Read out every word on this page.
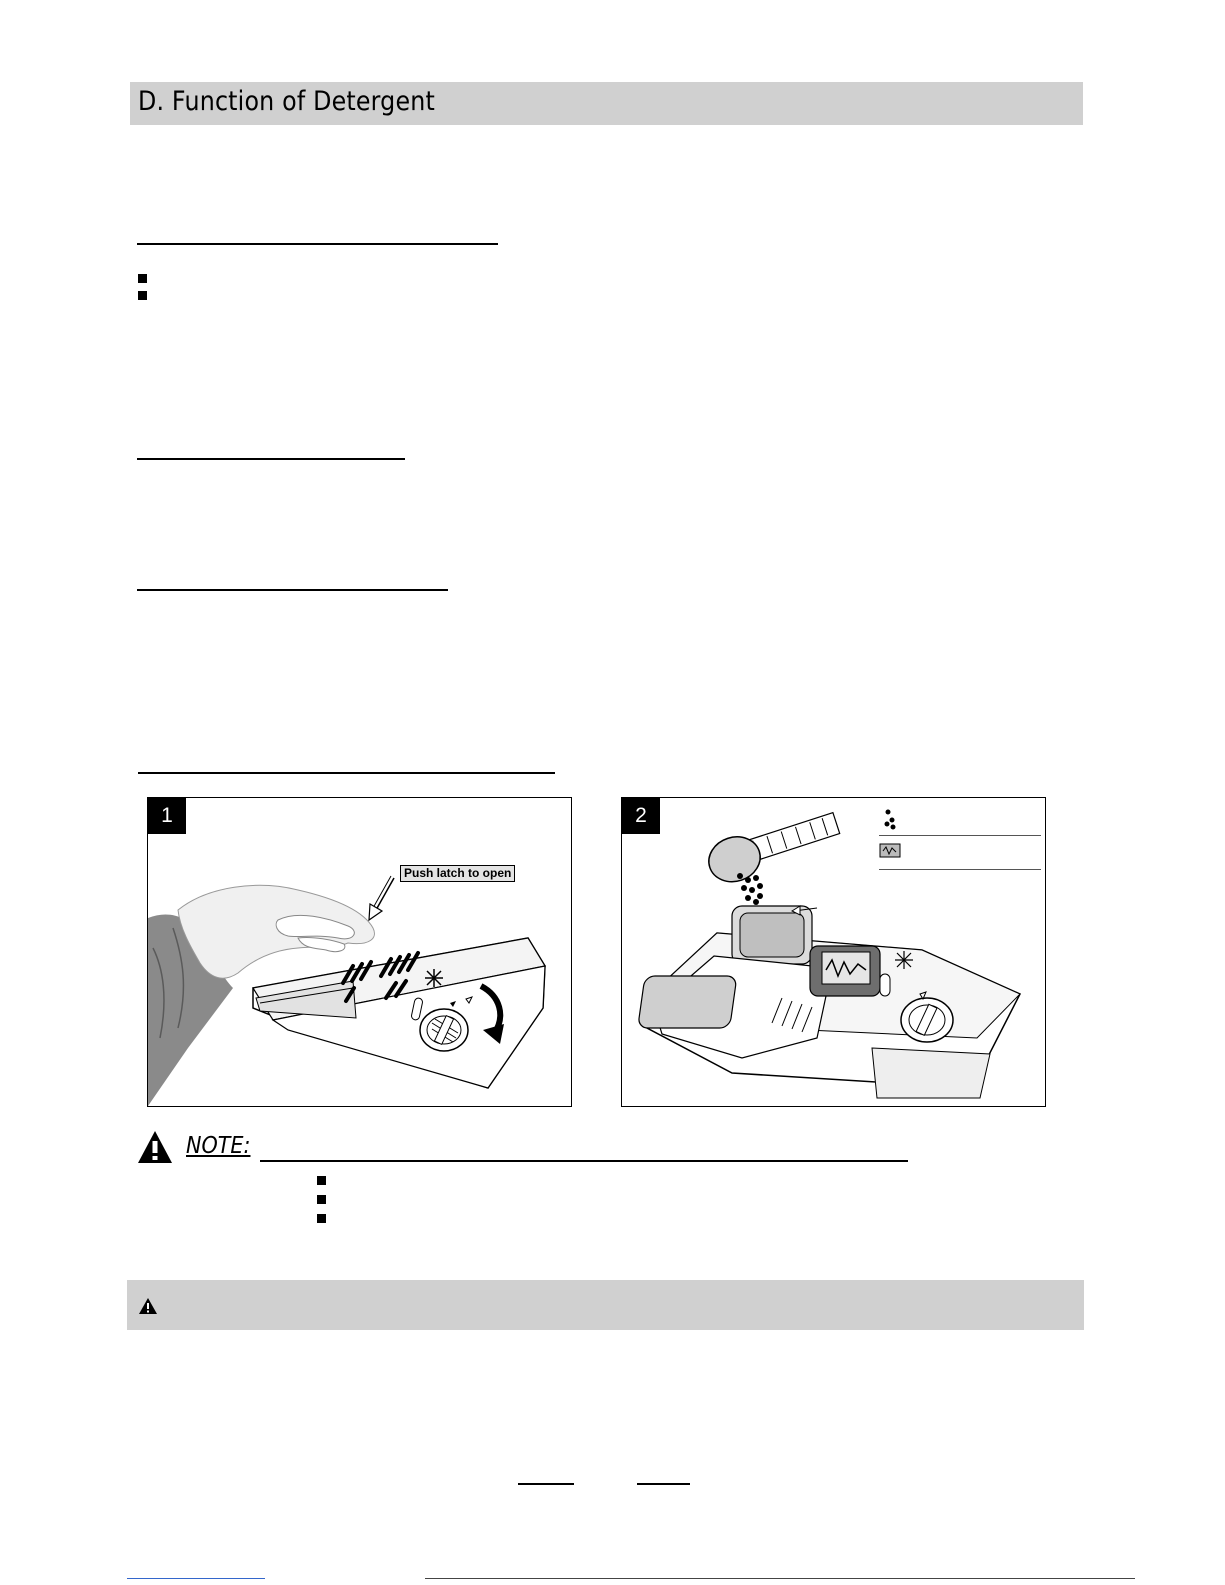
D. Function of Detergent
1
Push latch to open
2
NOTE:
